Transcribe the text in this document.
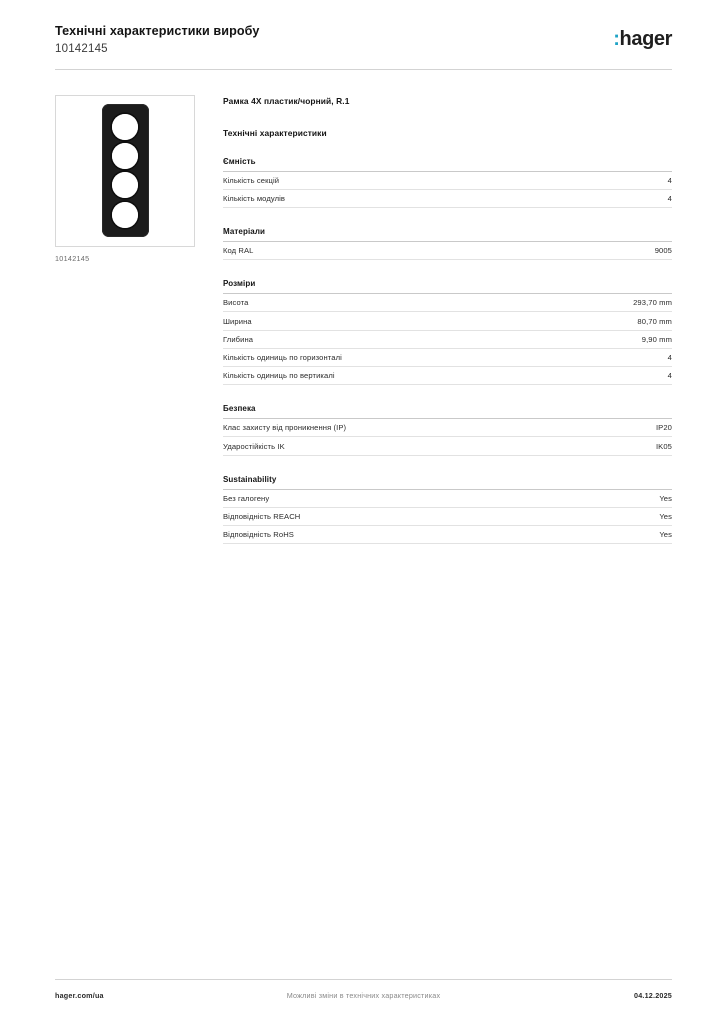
Технічні характеристики виробу
10142145	:hager
10142145
Рамка 4X пластик/чорний, R.1
Технічні характеристики
Ємність
Кількість секцій	4
Кількість модулів	4
Матеріали
Код RAL	9005
Розміри
Висота	293,70 mm
Ширина	80,70 mm
Глибина	9,90 mm
Кількість одиниць по горизонталі	4
Кількість одиниць по вертикалі	4
Безпека
Клас захисту від проникнення (IP)	IP20
Ударостійкість IK	IK05
Sustainability
Без галогену	Yes
Відповідність REACH	Yes
Відповідність RoHS	Yes
hager.com/ua	Можливі зміни в технічних характеристиках	04.12.2025
